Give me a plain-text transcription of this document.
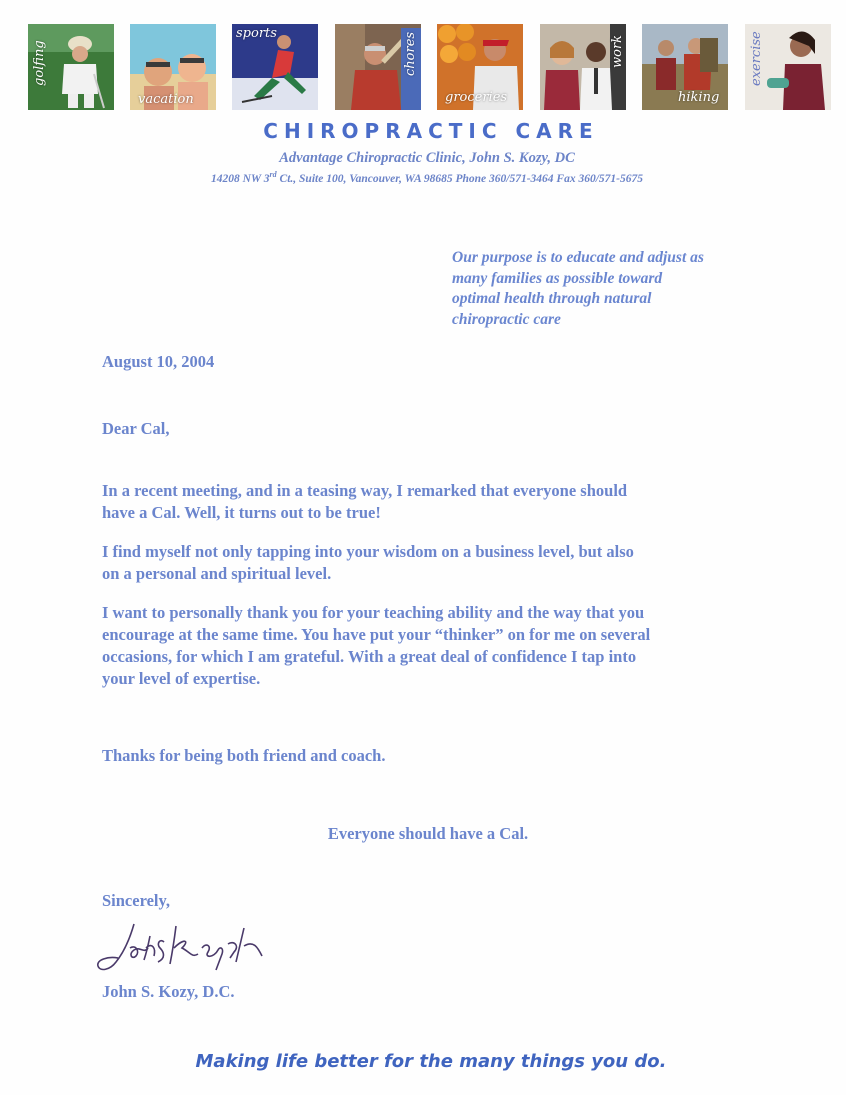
golfing
vacation
sports	chores
groceries
work
hiking
exercise
CHIROPRACTIC CARE
Advantage Chiropractic Clinic, John S. Kozy, DC
14208 NW 3rd Ct., Suite 100, Vancouver, WA 98685 Phone 360/571-3464 Fax 360/571-5675
Our purpose is to educate and adjust as
many families as possible toward
optimal health through natural
chiropractic care
August 10, 2004
Dear Cal,
In a recent meeting, and in a teasing way, I remarked that everyone should
have a Cal. Well, it turns out to be true!
I find myself not only tapping into your wisdom on a business level, but also
on a personal and spiritual level.
I want to personally thank you for your teaching ability and the way that you
encourage at the same time. You have put your “thinker” on for me on several
occasions, for which I am grateful. With a great deal of confidence I tap into
your level of expertise.
Thanks for being both friend and coach.
Everyone should have a Cal.
Sincerely,
John S. Kozy, D.C.
Making life better for the many things you do.
